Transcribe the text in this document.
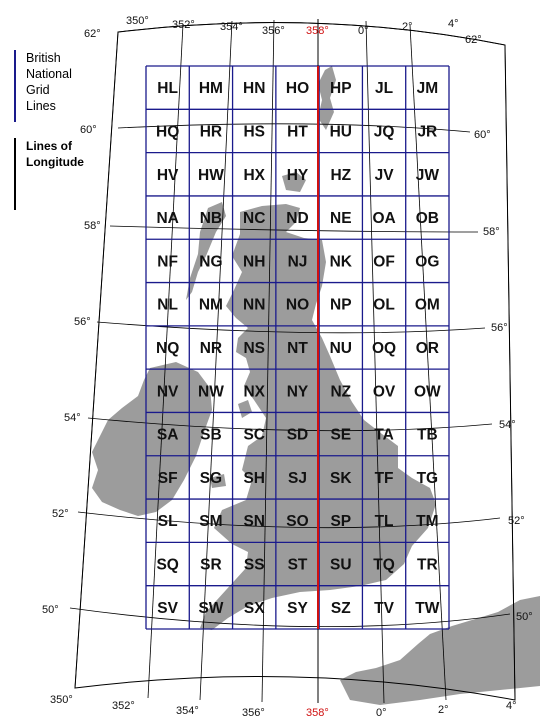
HL HM HN HO HP JL JM
HQ HR HS HT HU JQ JR
HV HW HX HY HZ JV JW
NA NB NC ND NE OA OB
NF NG NH NJ NK OF OG
NL NM NN NO NP OL OM
NQ NR NS NT NU OQ OR
NV NW NX NY NZ OV OW
SA SB SC SD SE TA TB
SF SG SH SJ SK TF TG
SL SM SN SO SP TL TM
SQ SR SS ST SU TQ TR
SV SW SX SY SZ TV TW
62°
60°
58°
56°
54°
52°
50°
62°
60°
58°
56°
54°
52°
50°
350° 352° 354° 356° 358°	0°	2°	4°
350°	352°	354°	356°	358°	0°	2°	4°
British
National
Grid
Lines
Lines of
Longitude
